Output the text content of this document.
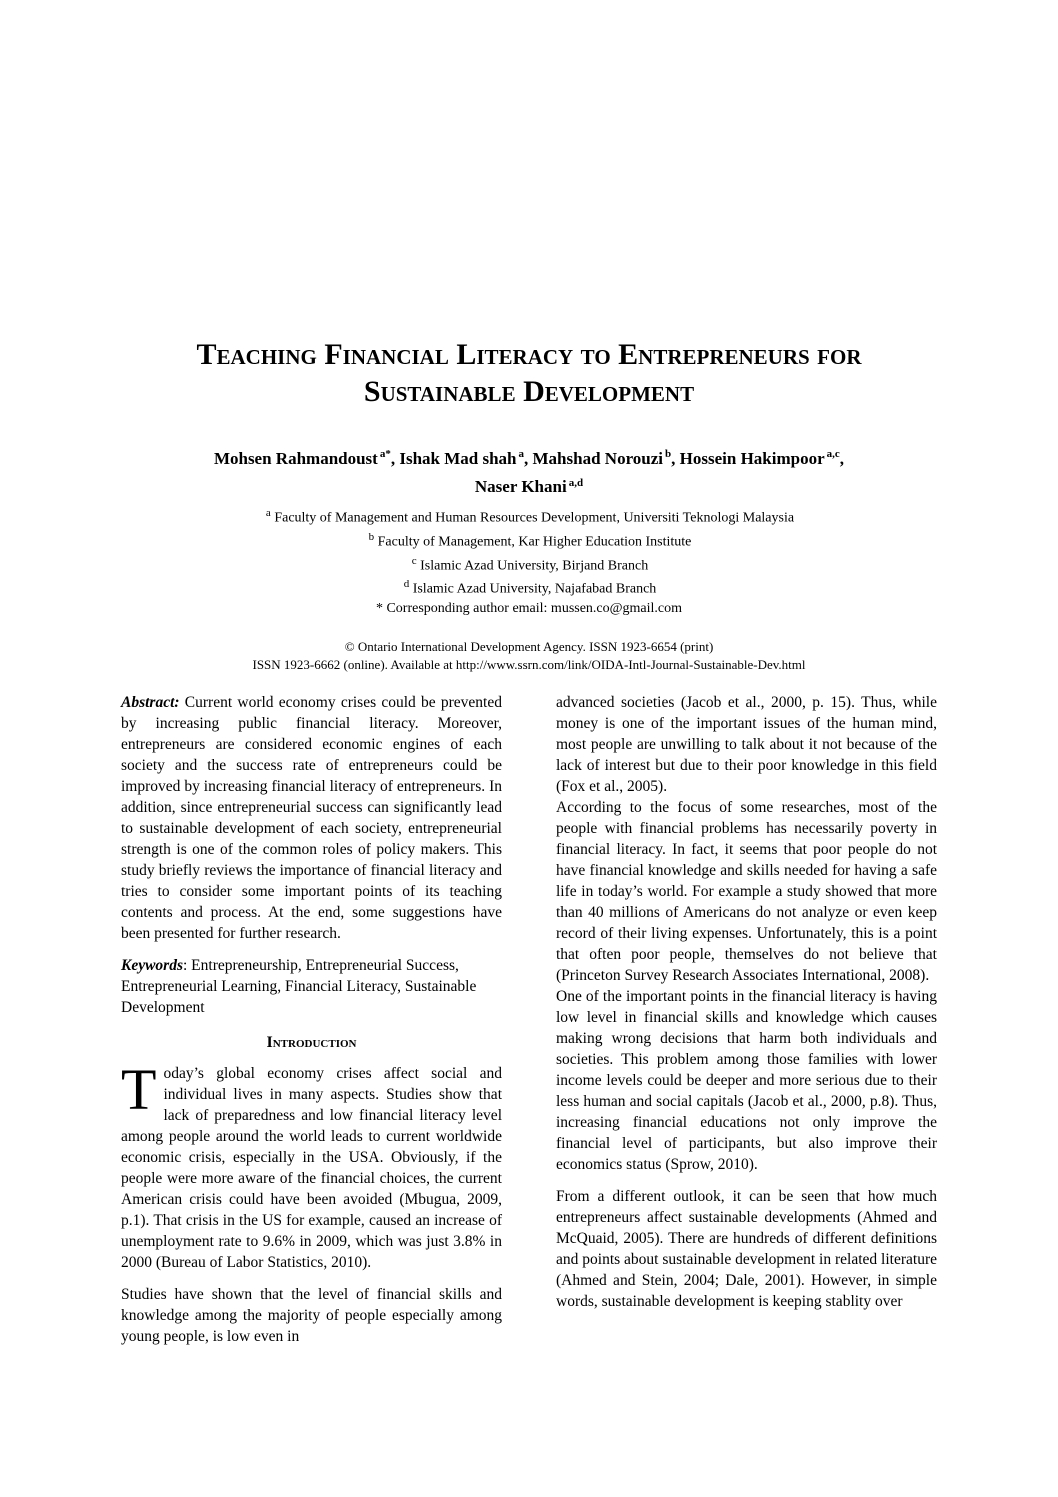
Teaching Financial Literacy to Entrepreneurs for
Sustainable Development
Mohsen Rahmandoust $^{a*}$, Ishak Mad shah $^a$, Mahshad Norouzi $^b$, Hossein Hakimpoor $^{a,c}$,
Naser Khani $^{a,d}$
$^a$ Faculty of Management and Human Resources Development, Universiti Teknologi Malaysia
$^b$ Faculty of Management, Kar Higher Education Institute
$^c$ Islamic Azad University, Birjand Branch
$^d$ Islamic Azad University, Najafabad Branch
* Corresponding author email: mussen.co@gmail.com
© Ontario International Development Agency. ISSN 1923-6654 (print)
ISSN 1923-6662 (online). Available at http://www.ssrn.com/link/OIDA-Intl-Journal-Sustainable-Dev.html

Abstract: Current world economy crises could be prevented by increasing public financial literacy. Moreover, entrepreneurs are considered economic engines of each society and the success rate of entrepreneurs could be improved by increasing financial literacy of entrepreneurs. In addition, since entrepreneurial success can significantly lead to sustainable development of each society, entrepreneurial strength is one of the common roles of policy makers. This study briefly reviews the importance of financial literacy and tries to consider some important points of its teaching contents and process. At the end, some suggestions have been presented for further research.

Keywords: Entrepreneurship, Entrepreneurial Success, Entrepreneurial Learning, Financial Literacy, Sustainable Development

Introduction

Today’s global economy crises affect social and individual lives in many aspects. Studies show that lack of preparedness and low financial literacy level among people around the world leads to current worldwide economic crisis, especially in the USA. Obviously, if the people were more aware of the financial choices, the current American crisis could have been avoided (Mbugua, 2009, p.1). That crisis in the US for example, caused an increase of unemployment rate to 9.6% in 2009, which was just 3.8% in 2000 (Bureau of Labor Statistics, 2010).

Studies have shown that the level of financial skills and knowledge among the majority of people especially among young people, is low even in

advanced societies (Jacob et al., 2000, p. 15). Thus, while money is one of the important issues of the human mind, most people are unwilling to talk about it not because of the lack of interest but due to their poor knowledge in this field (Fox et al., 2005).

According to the focus of some researches, most of the people with financial problems has necessarily poverty in financial literacy. In fact, it seems that poor people do not have financial knowledge and skills needed for having a safe life in today’s world. For example a study showed that more than 40 millions of Americans do not analyze or even keep record of their living expenses. Unfortunately, this is a point that often poor people, themselves do not believe that (Princeton Survey Research Associates International, 2008).

One of the important points in the financial literacy is having low level in financial skills and knowledge which causes making wrong decisions that harm both individuals and societies. This problem among those families with lower income levels could be deeper and more serious due to their less human and social capitals (Jacob et al., 2000, p.8). Thus, increasing financial educations not only improve the financial level of participants, but also improve their economics status (Sprow, 2010).

From a different outlook, it can be seen that how much entrepreneurs affect sustainable developments (Ahmed and McQuaid, 2005). There are hundreds of different definitions and points about sustainable development in related literature (Ahmed and Stein, 2004; Dale, 2001). However, in simple words, sustainable development is keeping stablity over
